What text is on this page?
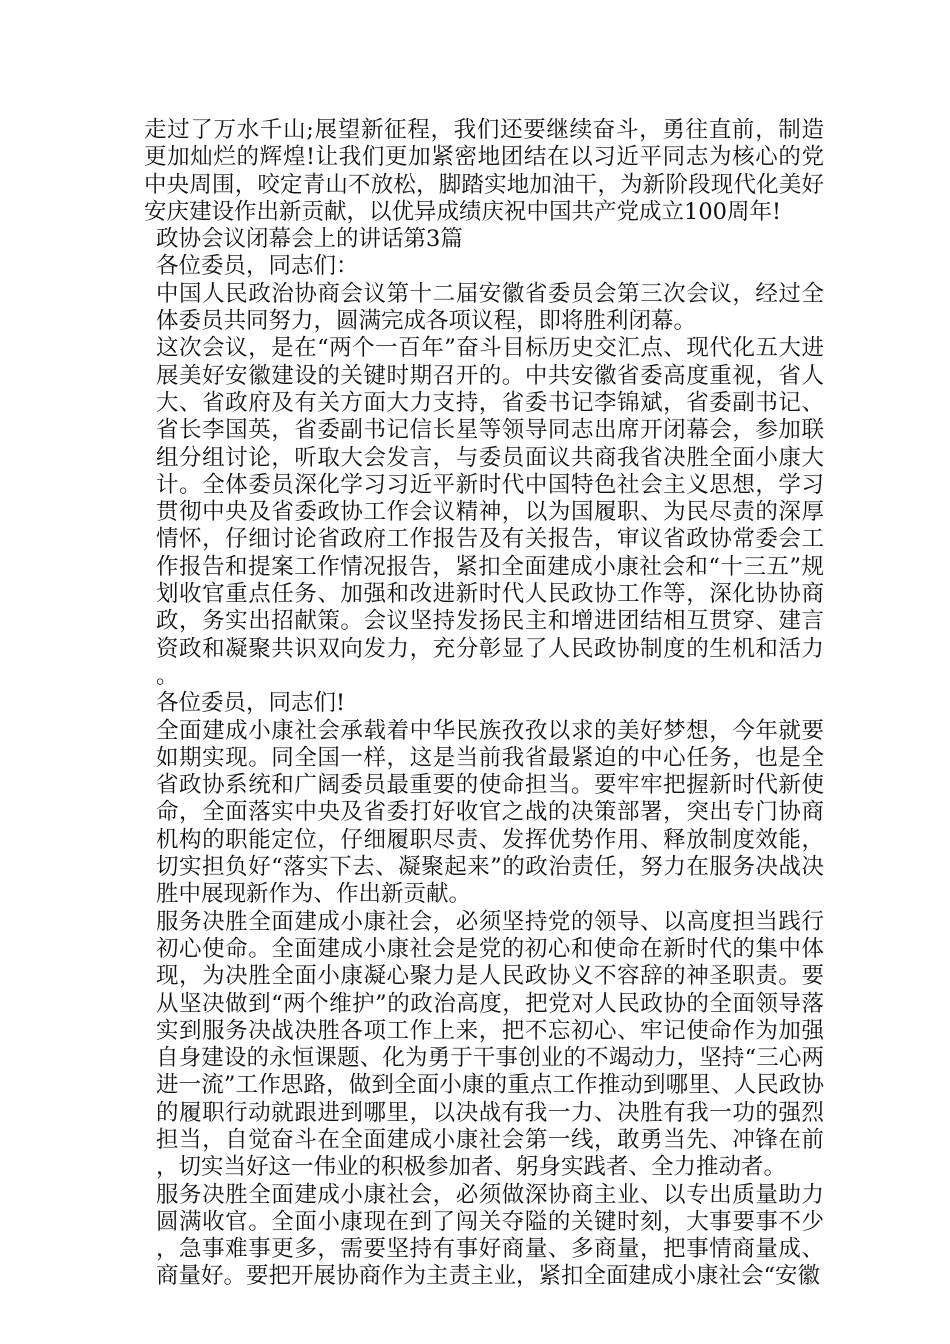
走过了万水千山;展望新征程，我们还要继续奋斗，勇往直前，制造更加灿烂的辉煌!让我们更加紧密地团结在以习近平同志为核心的党中央周围，咬定青山不放松，脚踏实地加油干，为新阶段现代化美好安庆建设作出新贡献，以优异成绩庆祝中国共产党成立100周年!

政协会议闭幕会上的讲话第3篇

各位委员，同志们：

中国人民政治协商会议第十二届安徽省委员会第三次会议，经过全体委员共同努力，圆满完成各项议程，即将胜利闭幕。

这次会议，是在“两个一百年”奋斗目标历史交汇点、现代化五大进展美好安徽建设的关键时期召开的。中共安徽省委高度重视，省人大、省政府及有关方面大力支持，省委书记李锦斌，省委副书记、省长李国英，省委副书记信长星等领导同志出席开闭幕会，参加联组分组讨论，听取大会发言，与委员面议共商我省决胜全面小康大计。全体委员深化学习习近平新时代中国特色社会主义思想，学习贯彻中央及省委政协工作会议精神，以为国履职、为民尽责的深厚情怀，仔细讨论省政府工作报告及有关报告，审议省政协常委会工作报告和提案工作情况报告，紧扣全面建成小康社会和“十三五”规划收官重点任务、加强和改进新时代人民政协工作等，深化协协商政，务实出招献策。会议坚持发扬民主和增进团结相互贯穿、建言资政和凝聚共识双向发力，充分彰显了人民政协制度的生机和活力。

各位委员，同志们!

全面建成小康社会承载着中华民族孜孜以求的美好梦想，今年就要如期实现。同全国一样，这是当前我省最紧迫的中心任务，也是全省政协系统和广阔委员最重要的使命担当。要牢牢把握新时代新使命，全面落实中央及省委打好收官之战的决策部署，突出专门协商机构的职能定位，仔细履职尽责、发挥优势作用、释放制度效能，切实担负好“落实下去、凝聚起来”的政治责任，努力在服务决战决胜中展现新作为、作出新贡献。

服务决胜全面建成小康社会，必须坚持党的领导、以高度担当践行初心使命。全面建成小康社会是党的初心和使命在新时代的集中体现，为决胜全面小康凝心聚力是人民政协义不容辞的神圣职责。要从坚决做到“两个维护”的政治高度，把党对人民政协的全面领导落实到服务决战决胜各项工作上来，把不忘初心、牢记使命作为加强自身建设的永恒课题、化为勇于干事创业的不竭动力，坚持“三心两进一流”工作思路，做到全面小康的重点工作推动到哪里、人民政协的履职行动就跟进到哪里，以决战有我一力、决胜有我一功的强烈担当，自觉奋斗在全面建成小康社会第一线，敢勇当先、冲锋在前，切实当好这一伟业的积极参加者、躬身实践者、全力推动者。

服务决胜全面建成小康社会，必须做深协商主业、以专出质量助力圆满收官。全面小康现在到了闯关夺隘的关键时刻，大事要事不少，急事难事更多，需要坚持有事好商量、多商量，把事情商量成、商量好。要把开展协商作为主责主业，紧扣全面建成小康社会“安徽
